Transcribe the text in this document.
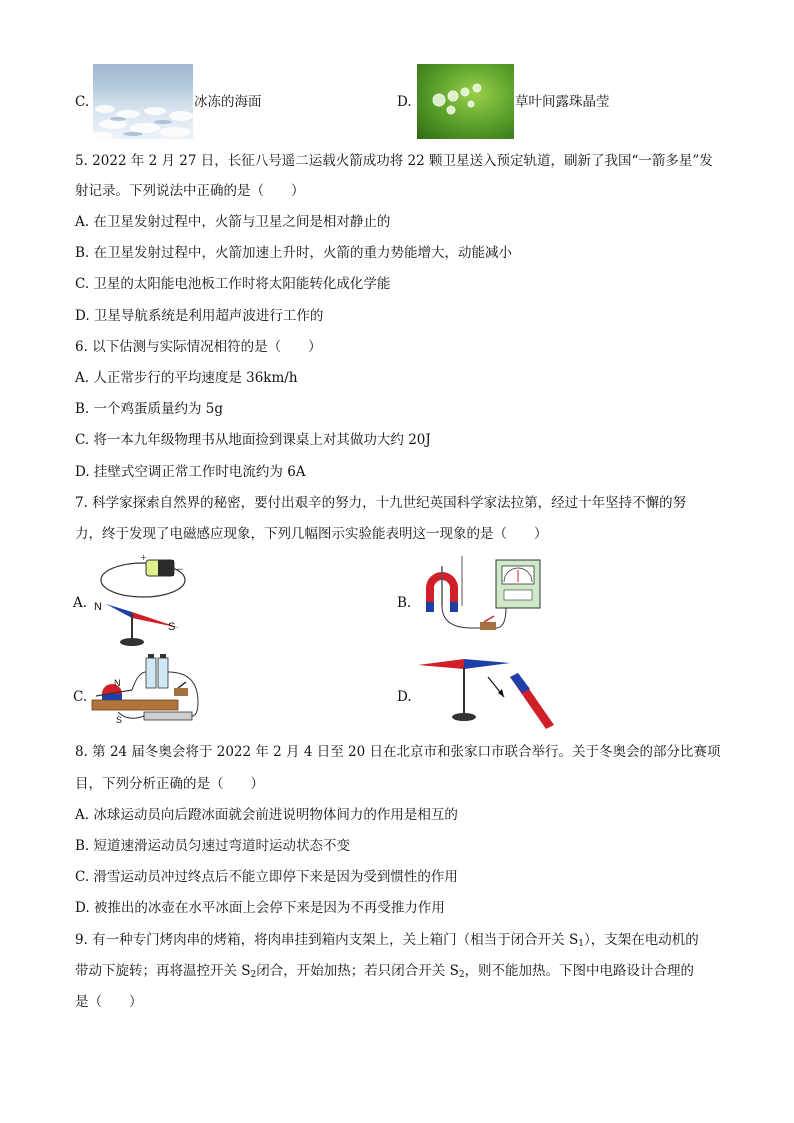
C.	冰冻的海面	D.	草叶间露珠晶莹
5. 2022 年 2 月 27 日，长征八号遥二运载火箭成功将 22 颗卫星送入预定轨道，刷新了我国“一箭多星”发
射记录。下列说法中正确的是（　　）
A. 在卫星发射过程中，火箭与卫星之间是相对静止的
B. 在卫星发射过程中，火箭加速上升时，火箭的重力势能增大，动能减小
C. 卫星的太阳能电池板工作时将太阳能转化成化学能
D. 卫星导航系统是利用超声波进行工作的
6. 以下估测与实际情况相符的是（　　）
A. 人正常步行的平均速度是 36km/h
B. 一个鸡蛋质量约为 5g
C. 将一本九年级物理书从地面捡到课桌上对其做功大约 20J
D. 挂壁式空调正常工作时电流约为 6A
7. 科学家探索自然界的秘密，要付出艰辛的努力，十九世纪英国科学家法拉第，经过十年坚持不懈的努
力，终于发现了电磁感应现象，下列几幅图示实验能表明这一现象的是（　　）
A.
+
−
N
S
B.
C.
N
S
D.
8. 第 24 届冬奥会将于 2022 年 2 月 4 日至 20 日在北京市和张家口市联合举行。关于冬奥会的部分比赛项
目，下列分析正确的是（　　）
A. 冰球运动员向后蹬冰面就会前进说明物体间力的作用是相互的
B. 短道速滑运动员匀速过弯道时运动状态不变
C. 滑雪运动员冲过终点后不能立即停下来是因为受到惯性的作用
D. 被推出的冰壶在水平冰面上会停下来是因为不再受推力作用
9. 有一种专门烤肉串的烤箱，将肉串挂到箱内支架上，关上箱门（相当于闭合开关 $S_1$），支架在电动机的
带动下旋转；再将温控开关 $S_2$闭合，开始加热；若只闭合开关 $S_2$，则不能加热。下图中电路设计合理的
是（　　）
